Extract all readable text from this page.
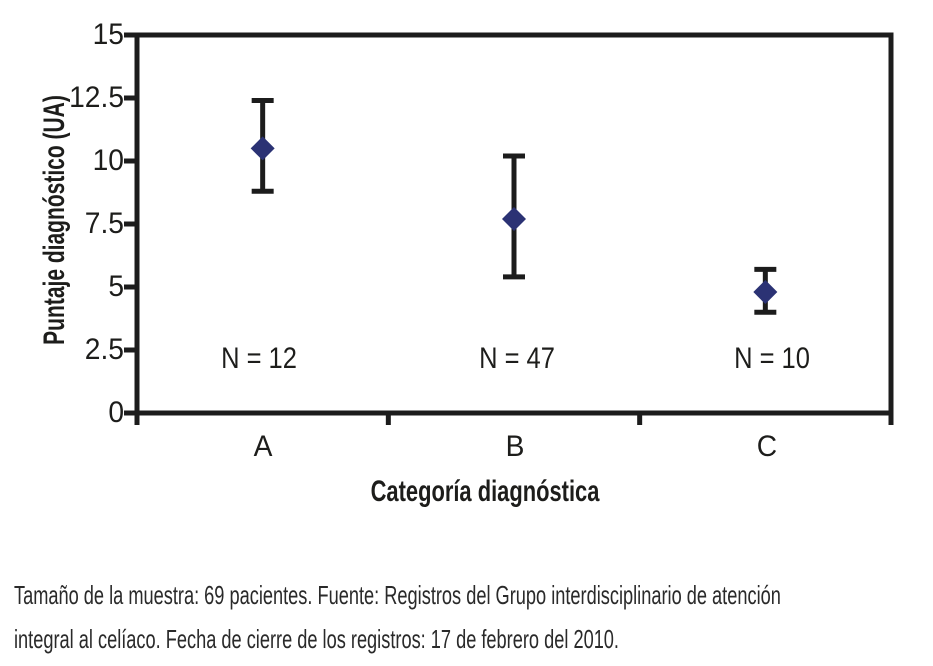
15
12.5
10
7.5
5
2.5
0
N = 12	N = 47	N = 10
A	B	C
Categoría diagnóstica
Puntaje diagnóstico (UA)
Tamaño de la muestra: 69 pacientes. Fuente: Registros del Grupo interdisciplinario de atención
integral al celíaco. Fecha de cierre de los registros: 17 de febrero del 2010.
